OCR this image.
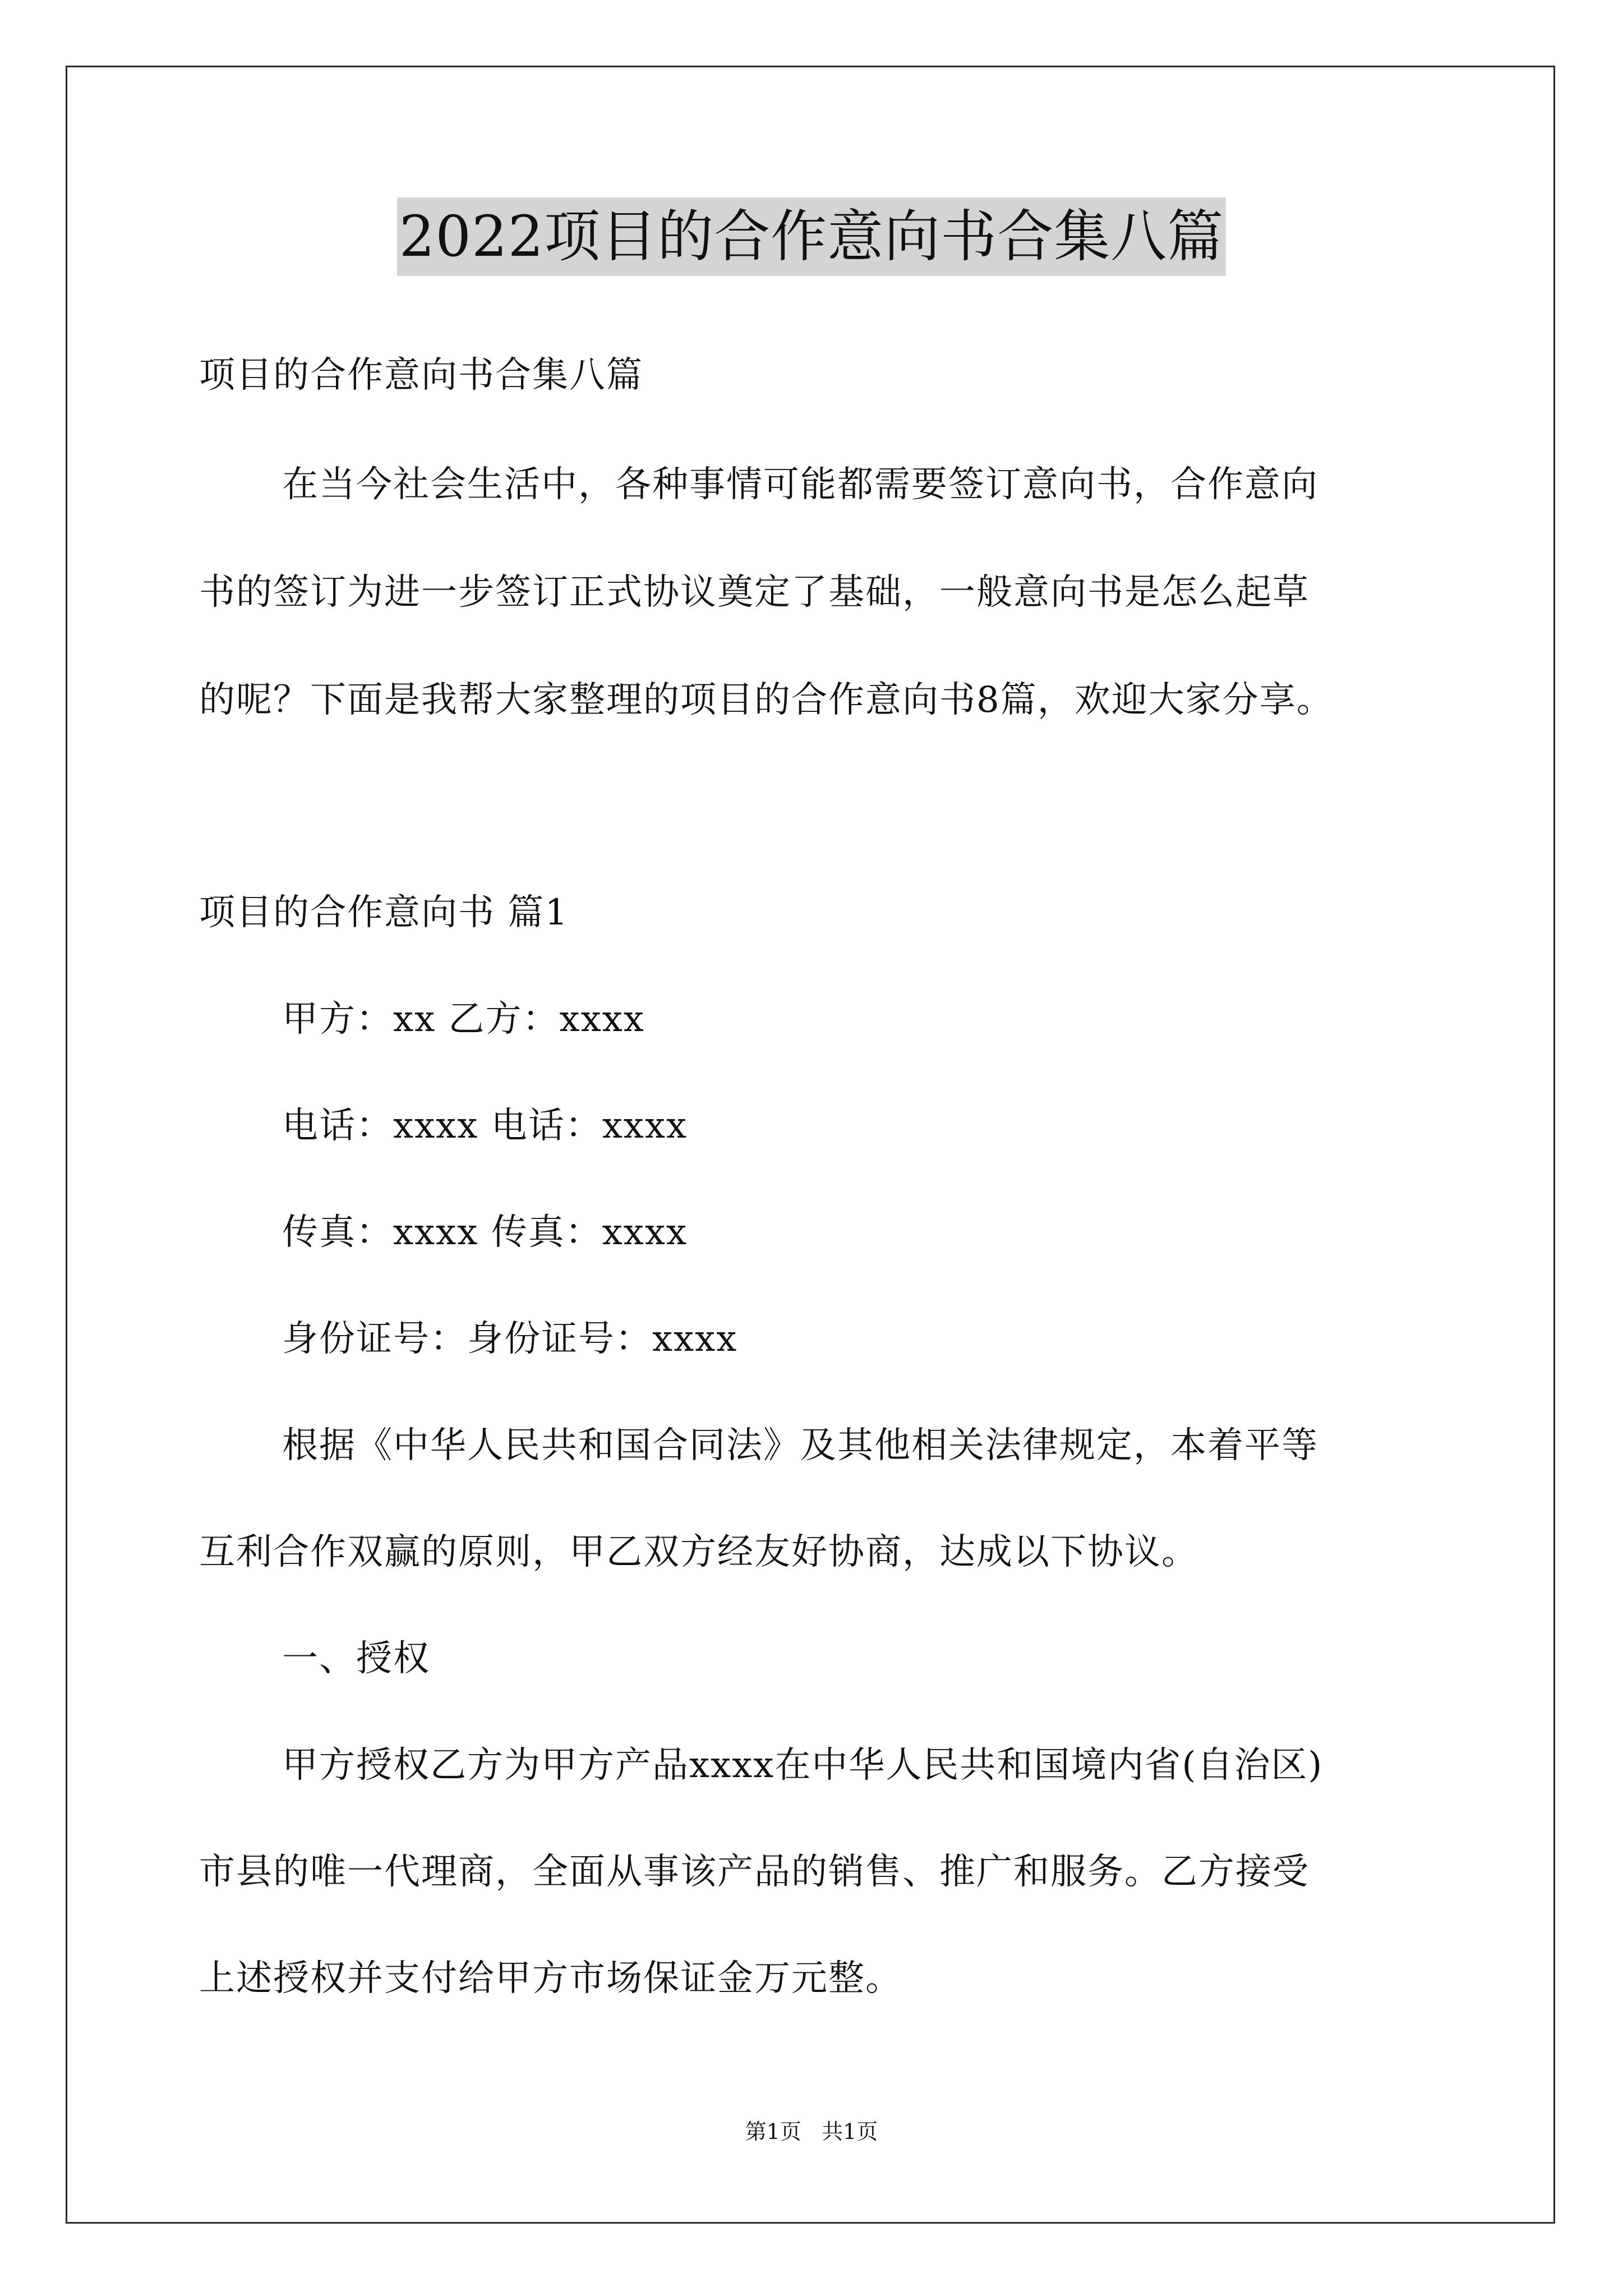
2022项目的合作意向书合集八篇
项目的合作意向书合集八篇
在当今社会生活中，各种事情可能都需要签订意向书，合作意向
书的签订为进一步签订正式协议奠定了基础，一般意向书是怎么起草
的呢？下面是我帮大家整理的项目的合作意向书8篇，欢迎大家分享。
项目的合作意向书 篇1
甲方：xx 乙方：xxxx
电话：xxxx 电话：xxxx
传真：xxxx 传真：xxxx
身份证号：身份证号：xxxx
根据《中华人民共和国合同法》及其他相关法律规定，本着平等
互利合作双赢的原则，甲乙双方经友好协商，达成以下协议。
一、授权
甲方授权乙方为甲方产品xxxx在中华人民共和国境内省(自治区)
市县的唯一代理商，全面从事该产品的销售、推广和服务。乙方接受
上述授权并支付给甲方市场保证金万元整。
第1页   共1页
